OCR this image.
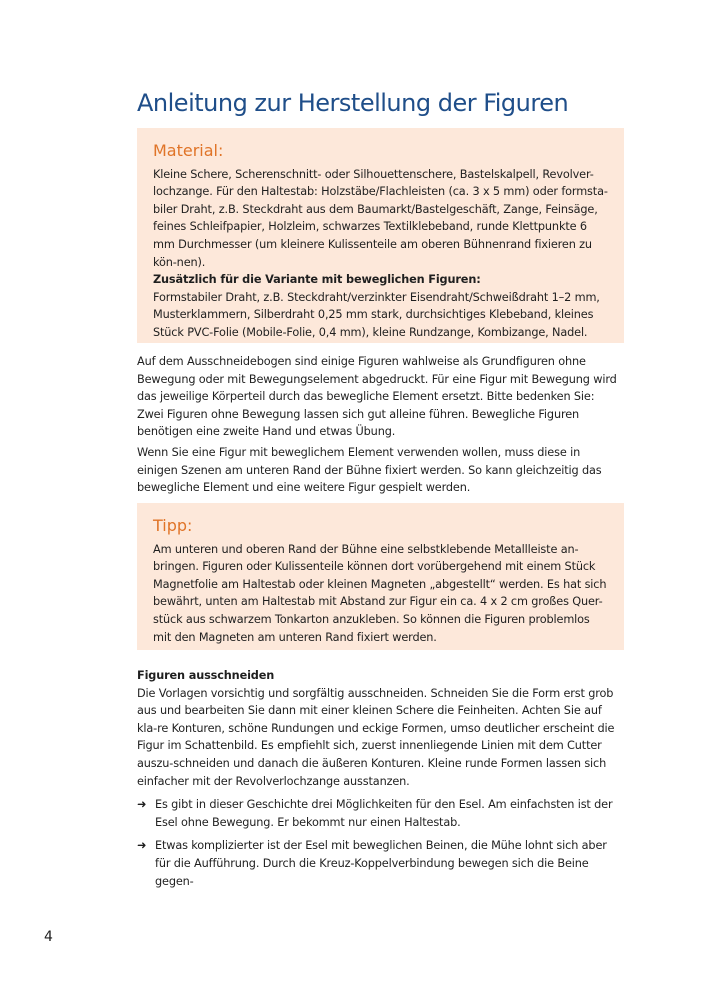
Anleitung zur Herstellung der Figuren
Material:

Kleine Schere, Scherenschnitt- oder Silhouettenschere, Bastelskalpell, Revolver-lochzange. Für den Haltestab: Holzstäbe/Flachleisten (ca. 3 x 5 mm) oder formsta-biler Draht, z.B. Steckdraht aus dem Baumarkt/Bastelgeschäft, Zange, Feinsäge, feines Schleifpapier, Holzleim, schwarzes Textilklebeband, runde Klettpunkte 6 mm Durchmesser (um kleinere Kulissenteile am oberen Bühnenrand fixieren zu kön-nen).
Zusätzlich für die Variante mit beweglichen Figuren:
Formstabiler Draht, z.B. Steckdraht/verzinkter Eisendraht/Schweißdraht 1–2 mm, Musterklammern, Silberdraht 0,25 mm stark, durchsichtiges Klebeband, kleines Stück PVC-Folie (Mobile-Folie, 0,4 mm), kleine Rundzange, Kombizange, Nadel.

Auf dem Ausschneidebogen sind einige Figuren wahlweise als Grundfiguren ohne Bewegung oder mit Bewegungselement abgedruckt. Für eine Figur mit Bewegung wird das jeweilige Körperteil durch das bewegliche Element ersetzt. Bitte bedenken Sie: Zwei Figuren ohne Bewegung lassen sich gut alleine führen. Bewegliche Figuren benötigen eine zweite Hand und etwas Übung.

Wenn Sie eine Figur mit beweglichem Element verwenden wollen, muss diese in einigen Szenen am unteren Rand der Bühne fixiert werden. So kann gleichzeitig das bewegliche Element und eine weitere Figur gespielt werden.

Tipp:

Am unteren und oberen Rand der Bühne eine selbstklebende Metallleiste an-bringen. Figuren oder Kulissenteile können dort vorübergehend mit einem Stück Magnetfolie am Haltestab oder kleinen Magneten „abgestellt“ werden. Es hat sich bewährt, unten am Haltestab mit Abstand zur Figur ein ca. 4 x 2 cm großes Quer-stück aus schwarzem Tonkarton anzukleben. So können die Figuren problemlos mit den Magneten am unteren Rand fixiert werden.

Figuren ausschneiden
Die Vorlagen vorsichtig und sorgfältig ausschneiden. Schneiden Sie die Form erst grob aus und bearbeiten Sie dann mit einer kleinen Schere die Feinheiten. Achten Sie auf kla-re Konturen, schöne Rundungen und eckige Formen, umso deutlicher erscheint die Figur im Schattenbild. Es empfiehlt sich, zuerst innenliegende Linien mit dem Cutter auszu-schneiden und danach die äußeren Konturen. Kleine runde Formen lassen sich einfacher mit der Revolverlochzange ausstanzen.

➜ Es gibt in dieser Geschichte drei Möglichkeiten für den Esel. Am einfachsten ist der Esel ohne Bewegung. Er bekommt nur einen Haltestab.

➜ Etwas komplizierter ist der Esel mit beweglichen Beinen, die Mühe lohnt sich aber für die Aufführung. Durch die Kreuz-Koppelverbindung bewegen sich die Beine gegen-

4
